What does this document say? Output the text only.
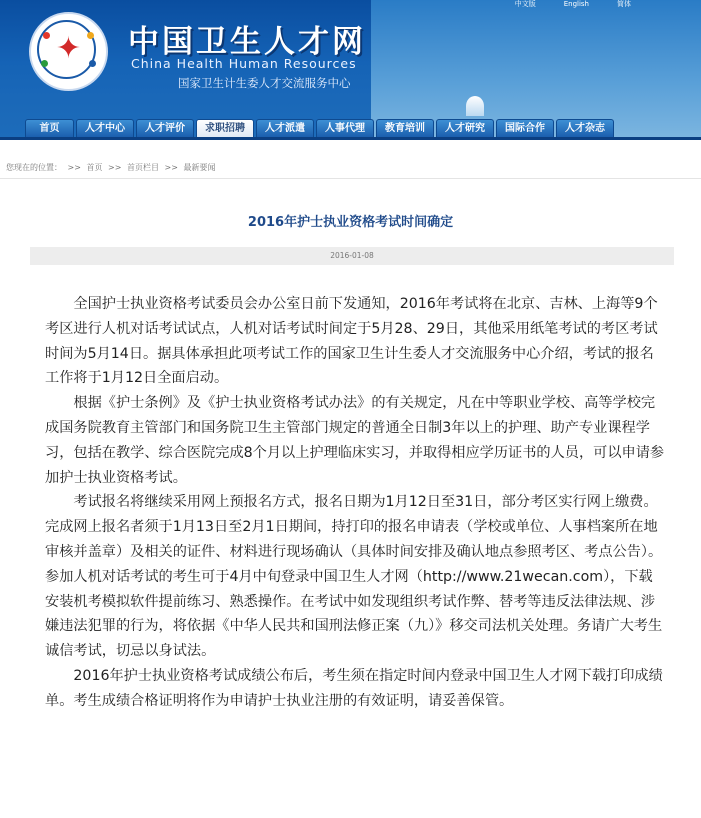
中文版	English	简体
✦	中国卫生人才网
China Health Human Resources
国家卫生计生委人才交流服务中心
首页	人才中心	人才评价	求职招聘	人才派遣	人事代理	教育培训	人才研究	国际合作	人才杂志
您现在的位置： >> 首页 >> 首页栏目 >> 最新要闻
2016年护士执业资格考试时间确定
2016-01-08

全国护士执业资格考试委员会办公室日前下发通知，2016年考试将在北京、吉林、上海等9个考区进行人机对话考试试点，人机对话考试时间定于5月28、29日，其他采用纸笔考试的考区考试时间为5月14日。据具体承担此项考试工作的国家卫生计生委人才交流服务中心介绍，考试的报名工作将于1月12日全面启动。

根据《护士条例》及《护士执业资格考试办法》的有关规定，凡在中等职业学校、高等学校完成国务院教育主管部门和国务院卫生主管部门规定的普通全日制3年以上的护理、助产专业课程学习，包括在教学、综合医院完成8个月以上护理临床实习，并取得相应学历证书的人员，可以申请参加护士执业资格考试。

考试报名将继续采用网上预报名方式，报名日期为1月12日至31日，部分考区实行网上缴费。完成网上报名者须于1月13日至2月1日期间，持打印的报名申请表（学校或单位、人事档案所在地审核并盖章）及相关的证件、材料进行现场确认（具体时间安排及确认地点参照考区、考点公告）。参加人机对话考试的考生可于4月中旬登录中国卫生人才网（http://www.21wecan.com），下载安装机考模拟软件提前练习、熟悉操作。在考试中如发现组织考试作弊、替考等违反法律法规、涉嫌违法犯罪的行为，将依据《中华人民共和国刑法修正案（九）》移交司法机关处理。务请广大考生诚信考试，切忌以身试法。

2016年护士执业资格考试成绩公布后，考生须在指定时间内登录中国卫生人才网下载打印成绩单。考生成绩合格证明将作为申请护士执业注册的有效证明，请妥善保管。
